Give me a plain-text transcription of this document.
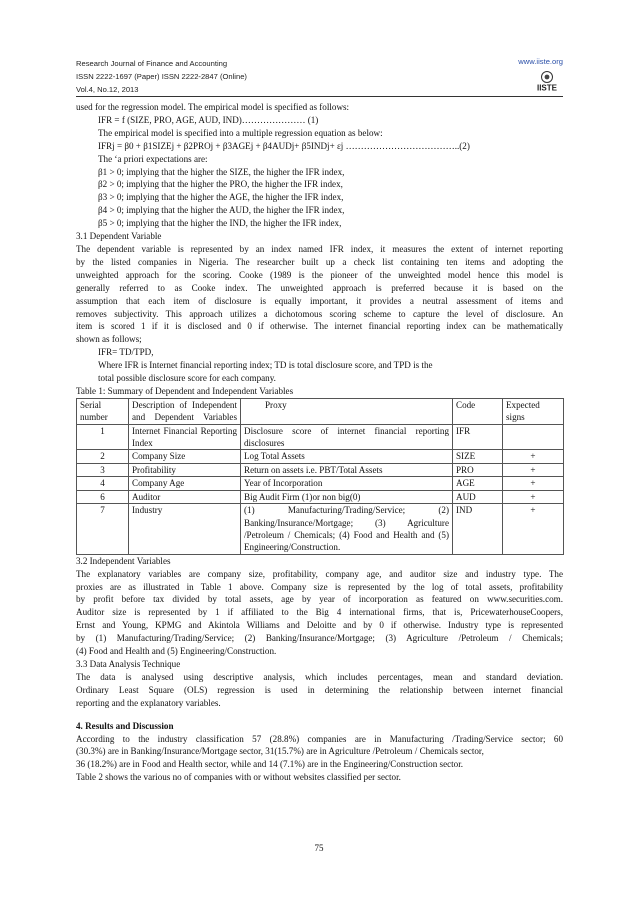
Research Journal of Finance and Accounting
ISSN 2222-1697 (Paper) ISSN 2222-2847 (Online)
Vol.4, No.12, 2013
www.iiste.org
IISTE

used for the regression model. The empirical model is specified as follows:

IFR = f (SIZE, PRO, AGE, AUD, IND)………………… (1)

The empirical model is specified into a multiple regression equation as below:

IFRj = β0 + β1SIZEj + β2PROj + β3AGEj + β4AUDj+ β5INDj+ εj ………………………………..(2)

The ‘a priori expectations are:

β1 > 0; implying that the higher the SIZE, the higher the IFR index,

β2 > 0; implying that the higher the PRO, the higher the IFR index,

β3 > 0; implying that the higher the AGE, the higher the IFR index,

β4 > 0; implying that the higher the AUD, the higher the IFR index,

β5 > 0; implying that the higher the IND, the higher the IFR index,

3.1 Dependent Variable

The dependent variable is represented by an index named IFR index, it measures the extent of internet reporting

by the listed companies in Nigeria. The researcher built up a check list containing ten items and adopting the

unweighted approach for the scoring. Cooke (1989 is the pioneer of the unweighted model hence this model is

generally referred to as Cooke index. The unweighted approach is preferred because it is based on the

assumption that each item of disclosure is equally important, it provides a neutral assessment of items and

removes subjectivity. This approach utilizes a dichotomous scoring scheme to capture the level of disclosure. An

item is scored 1 if it is disclosed and 0 if otherwise. The internet financial reporting index can be mathematically

shown as follows;

IFR= TD/TPD,

Where IFR is Internet financial reporting index; TD is total disclosure score, and TPD is the

total possible disclosure score for each company.

Table 1: Summary of Dependent and Independent Variables

Serial number	Description of Independent and Dependent Variables	Proxy	Code	Expected signs
1	Internet Financial Reporting Index	Disclosure score of internet financial reporting disclosures	IFR	
2	Company Size	Log Total Assets	SIZE	+
3	Profitability	Return on assets i.e. PBT/Total Assets	PRO	+
4	Company Age	Year of Incorporation	AGE	+
6	Auditor	Big Audit Firm (1)or non big(0)	AUD	+
7	Industry	(1) Manufacturing/Trading/Service; (2) Banking/Insurance/Mortgage; (3) Agriculture /Petroleum / Chemicals; (4) Food and Health and (5) Engineering/Construction.	IND	+

3.2 Independent Variables

The explanatory variables are company size, profitability, company age, and auditor size and industry type. The

proxies are as illustrated in Table 1 above. Company size is represented by the log of total assets, profitability

by profit before tax divided by total assets, age by year of incorporation as featured on www.securities.com.

Auditor size is represented by 1 if affiliated to the Big 4 international firms, that is, PricewaterhouseCoopers,

Ernst and Young, KPMG and Akintola Williams and Deloitte and by 0 if otherwise. Industry type is represented

by (1) Manufacturing/Trading/Service; (2) Banking/Insurance/Mortgage; (3) Agriculture /Petroleum / Chemicals;

(4) Food and Health and (5) Engineering/Construction.

3.3 Data Analysis Technique

The data is analysed using descriptive analysis, which includes percentages, mean and standard deviation.

Ordinary Least Square (OLS) regression is used in determining the relationship between internet financial

reporting and the explanatory variables.

4. Results and Discussion

According to the industry classification 57 (28.8%) companies are in Manufacturing /Trading/Service sector; 60

(30.3%) are in Banking/Insurance/Mortgage sector, 31(15.7%) are in Agriculture /Petroleum / Chemicals sector,

36 (18.2%) are in Food and Health sector, while and 14 (7.1%) are in the Engineering/Construction sector.

Table 2 shows the various no of companies with or without websites classified per sector.

75
